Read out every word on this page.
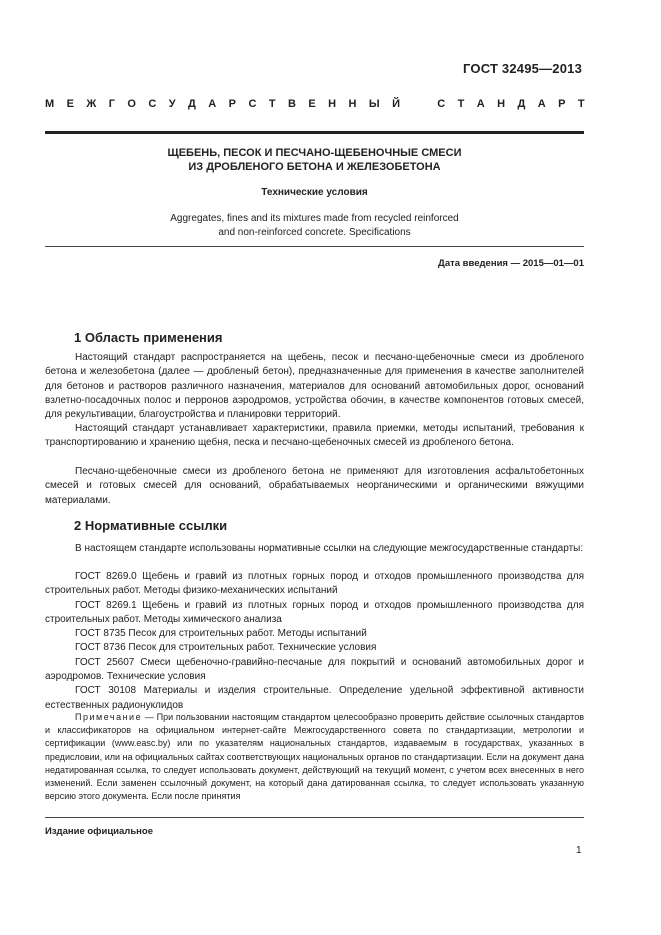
ГОСТ 32495—2013
М Е Ж Г О С У Д А Р С Т В Е Н Н Ы Й	С Т А Н Д А Р Т
ЩЕБЕНЬ, ПЕСОК И ПЕСЧАНО-ЩЕБЕНОЧНЫЕ СМЕСИ
ИЗ ДРОБЛЕНОГО БЕТОНА И ЖЕЛЕЗОБЕТОНА
Технические условия
Aggregates, fines and its mixtures made from recycled reinforced
and non-reinforced concrete. Specifications
Дата введения — 2015—01—01
1 Область применения
Настоящий стандарт распространяется на щебень, песок и песчано-щебеночные смеси из дробленого бетона и железобетона (далее — дробленый бетон), предназначенные для применения в качестве заполнителей для бетонов и растворов различного назначения, материалов для оснований автомобильных дорог, оснований взлетно-посадочных полос и перронов аэродромов, устройства обочин, в качестве компонентов готовых смесей, для рекультивации, благоустройства и планировки территорий.
Настоящий стандарт устанавливает характеристики, правила приемки, методы испытаний, требования к транспортированию и хранению щебня, песка и песчано-щебеночных смесей из дробленого бетона.
Песчано-щебеночные смеси из дробленого бетона не применяют для изготовления асфальтобетонных смесей и готовых смесей для оснований, обрабатываемых неорганическими и органическими вяжущими материалами.
2 Нормативные ссылки
В настоящем стандарте использованы нормативные ссылки на следующие межгосударственные стандарты:
ГОСТ 8269.0 Щебень и гравий из плотных горных пород и отходов промышленного производства для строительных работ. Методы физико-механических испытаний
ГОСТ 8269.1 Щебень и гравий из плотных горных пород и отходов промышленного производства для строительных работ. Методы химического анализа
ГОСТ 8735 Песок для строительных работ. Методы испытаний
ГОСТ 8736 Песок для строительных работ. Технические условия
ГОСТ 25607 Смеси щебеночно-гравийно-песчаные для покрытий и оснований автомобильных дорог и аэродромов. Технические условия
ГОСТ 30108 Материалы и изделия строительные. Определение удельной эффективной активности естественных радионуклидов
Примечание — При пользовании настоящим стандартом целесообразно проверить действие ссылочных стандартов и классификаторов на официальном интернет-сайте Межгосударственного совета по стандартизации, метрологии и сертификации (www.easc.by) или по указателям национальных стандартов, издаваемым в государствах, указанных в предисловии, или на официальных сайтах соответствующих национальных органов по стандартизации. Если на документ дана недатированная ссылка, то следует использовать документ, действующий на текущий момент, с учетом всех внесенных в него изменений. Если заменен ссылочный документ, на который дана датированная ссылка, то следует использовать указанную версию этого документа. Если после принятия
Издание официальное
1
